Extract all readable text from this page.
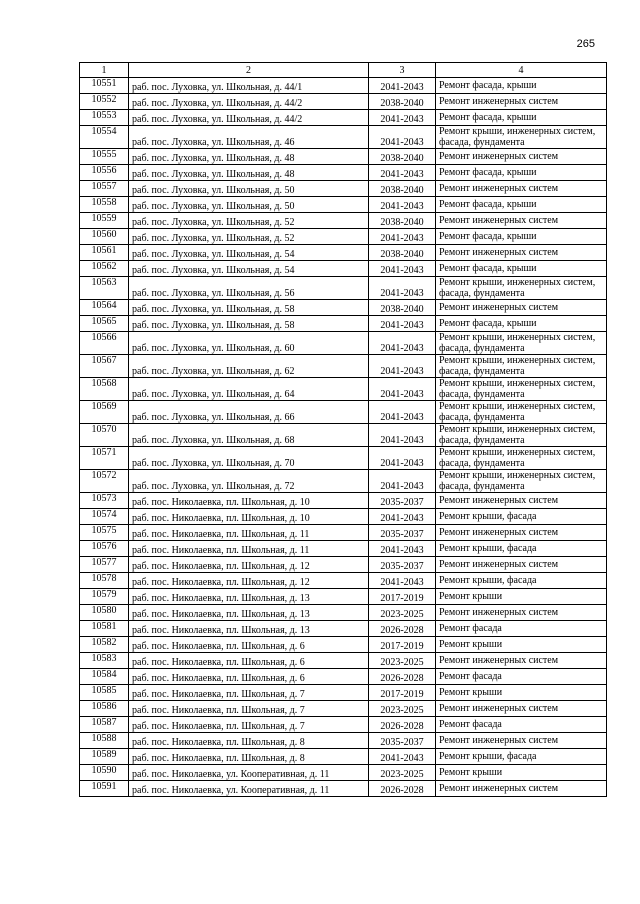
265
1	2	3	4
10551	раб. пос. Луховка, ул. Школьная, д. 44/1	2041-2043	Ремонт фасада, крыши
10552	раб. пос. Луховка, ул. Школьная, д. 44/2	2038-2040	Ремонт инженерных систем
10553	раб. пос. Луховка, ул. Школьная, д. 44/2	2041-2043	Ремонт фасада, крыши
10554	раб. пос. Луховка, ул. Школьная, д. 46	2041-2043	Ремонт крыши, инженерных систем, фасада, фундамента
10555	раб. пос. Луховка, ул. Школьная, д. 48	2038-2040	Ремонт инженерных систем
10556	раб. пос. Луховка, ул. Школьная, д. 48	2041-2043	Ремонт фасада, крыши
10557	раб. пос. Луховка, ул. Школьная, д. 50	2038-2040	Ремонт инженерных систем
10558	раб. пос. Луховка, ул. Школьная, д. 50	2041-2043	Ремонт фасада, крыши
10559	раб. пос. Луховка, ул. Школьная, д. 52	2038-2040	Ремонт инженерных систем
10560	раб. пос. Луховка, ул. Школьная, д. 52	2041-2043	Ремонт фасада, крыши
10561	раб. пос. Луховка, ул. Школьная, д. 54	2038-2040	Ремонт инженерных систем
10562	раб. пос. Луховка, ул. Школьная, д. 54	2041-2043	Ремонт фасада, крыши
10563	раб. пос. Луховка, ул. Школьная, д. 56	2041-2043	Ремонт крыши, инженерных систем, фасада, фундамента
10564	раб. пос. Луховка, ул. Школьная, д. 58	2038-2040	Ремонт инженерных систем
10565	раб. пос. Луховка, ул. Школьная, д. 58	2041-2043	Ремонт фасада, крыши
10566	раб. пос. Луховка, ул. Школьная, д. 60	2041-2043	Ремонт крыши, инженерных систем, фасада, фундамента
10567	раб. пос. Луховка, ул. Школьная, д. 62	2041-2043	Ремонт крыши, инженерных систем, фасада, фундамента
10568	раб. пос. Луховка, ул. Школьная, д. 64	2041-2043	Ремонт крыши, инженерных систем, фасада, фундамента
10569	раб. пос. Луховка, ул. Школьная, д. 66	2041-2043	Ремонт крыши, инженерных систем, фасада, фундамента
10570	раб. пос. Луховка, ул. Школьная, д. 68	2041-2043	Ремонт крыши, инженерных систем, фасада, фундамента
10571	раб. пос. Луховка, ул. Школьная, д. 70	2041-2043	Ремонт крыши, инженерных систем, фасада, фундамента
10572	раб. пос. Луховка, ул. Школьная, д. 72	2041-2043	Ремонт крыши, инженерных систем, фасада, фундамента
10573	раб. пос. Николаевка, пл. Школьная, д. 10	2035-2037	Ремонт инженерных систем
10574	раб. пос. Николаевка, пл. Школьная, д. 10	2041-2043	Ремонт крыши, фасада
10575	раб. пос. Николаевка, пл. Школьная, д. 11	2035-2037	Ремонт инженерных систем
10576	раб. пос. Николаевка, пл. Школьная, д. 11	2041-2043	Ремонт крыши, фасада
10577	раб. пос. Николаевка, пл. Школьная, д. 12	2035-2037	Ремонт инженерных систем
10578	раб. пос. Николаевка, пл. Школьная, д. 12	2041-2043	Ремонт крыши, фасада
10579	раб. пос. Николаевка, пл. Школьная, д. 13	2017-2019	Ремонт крыши
10580	раб. пос. Николаевка, пл. Школьная, д. 13	2023-2025	Ремонт инженерных систем
10581	раб. пос. Николаевка, пл. Школьная, д. 13	2026-2028	Ремонт фасада
10582	раб. пос. Николаевка, пл. Школьная, д. 6	2017-2019	Ремонт крыши
10583	раб. пос. Николаевка, пл. Школьная, д. 6	2023-2025	Ремонт инженерных систем
10584	раб. пос. Николаевка, пл. Школьная, д. 6	2026-2028	Ремонт фасада
10585	раб. пос. Николаевка, пл. Школьная, д. 7	2017-2019	Ремонт крыши
10586	раб. пос. Николаевка, пл. Школьная, д. 7	2023-2025	Ремонт инженерных систем
10587	раб. пос. Николаевка, пл. Школьная, д. 7	2026-2028	Ремонт фасада
10588	раб. пос. Николаевка, пл. Школьная, д. 8	2035-2037	Ремонт инженерных систем
10589	раб. пос. Николаевка, пл. Школьная, д. 8	2041-2043	Ремонт крыши, фасада
10590	раб. пос. Николаевка, ул. Кооперативная, д. 11	2023-2025	Ремонт крыши
10591	раб. пос. Николаевка, ул. Кооперативная, д. 11	2026-2028	Ремонт инженерных систем
